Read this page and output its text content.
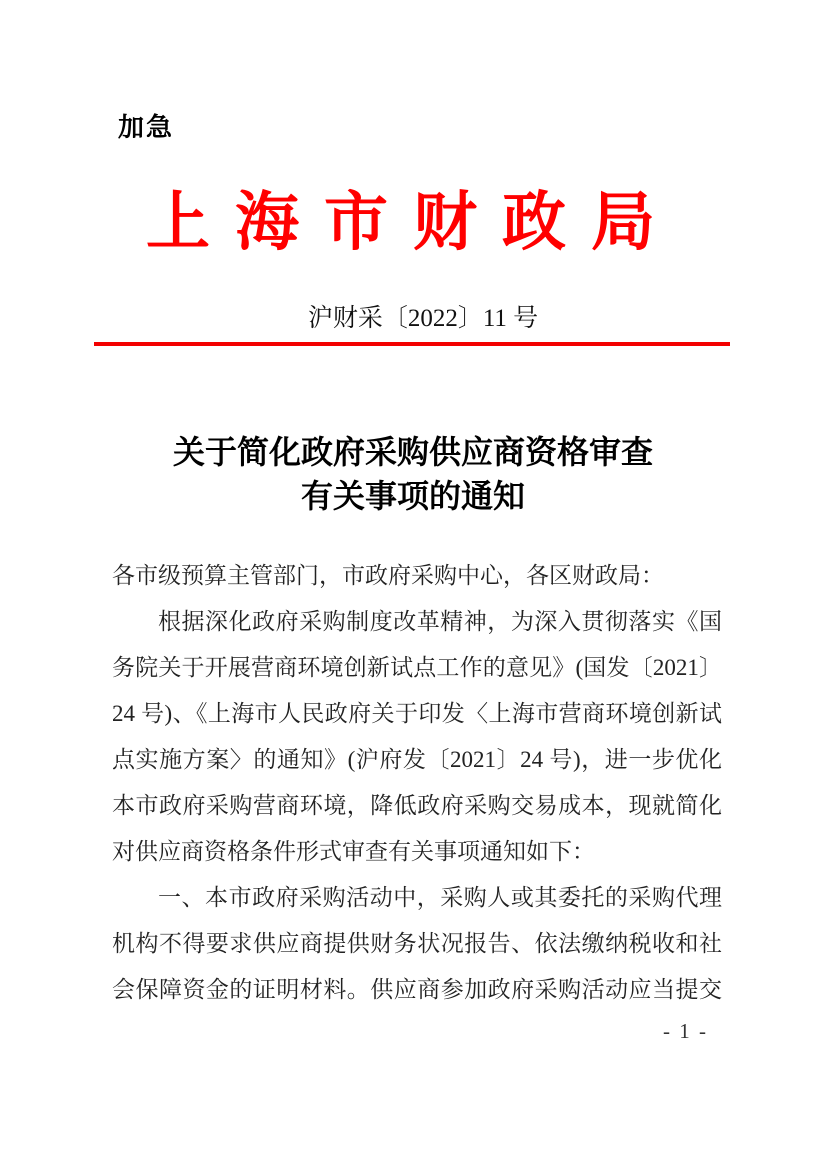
加急
上海市财政局
沪财采〔2022〕11 号
关于简化政府采购供应商资格审查
有关事项的通知
各市级预算主管部门，市政府采购中心，各区财政局：
根据深化政府采购制度改革精神，为深入贯彻落实《国
务院关于开展营商环境创新试点工作的意见》(国发〔2021〕
24 号)、《上海市人民政府关于印发〈上海市营商环境创新试
点实施方案〉的通知》(沪府发〔2021〕24 号)，进一步优化
本市政府采购营商环境，降低政府采购交易成本，现就简化
对供应商资格条件形式审查有关事项通知如下：
一、本市政府采购活动中，采购人或其委托的采购代理
机构不得要求供应商提供财务状况报告、依法缴纳税收和社
会保障资金的证明材料。供应商参加政府采购活动应当提交
- 1 -
